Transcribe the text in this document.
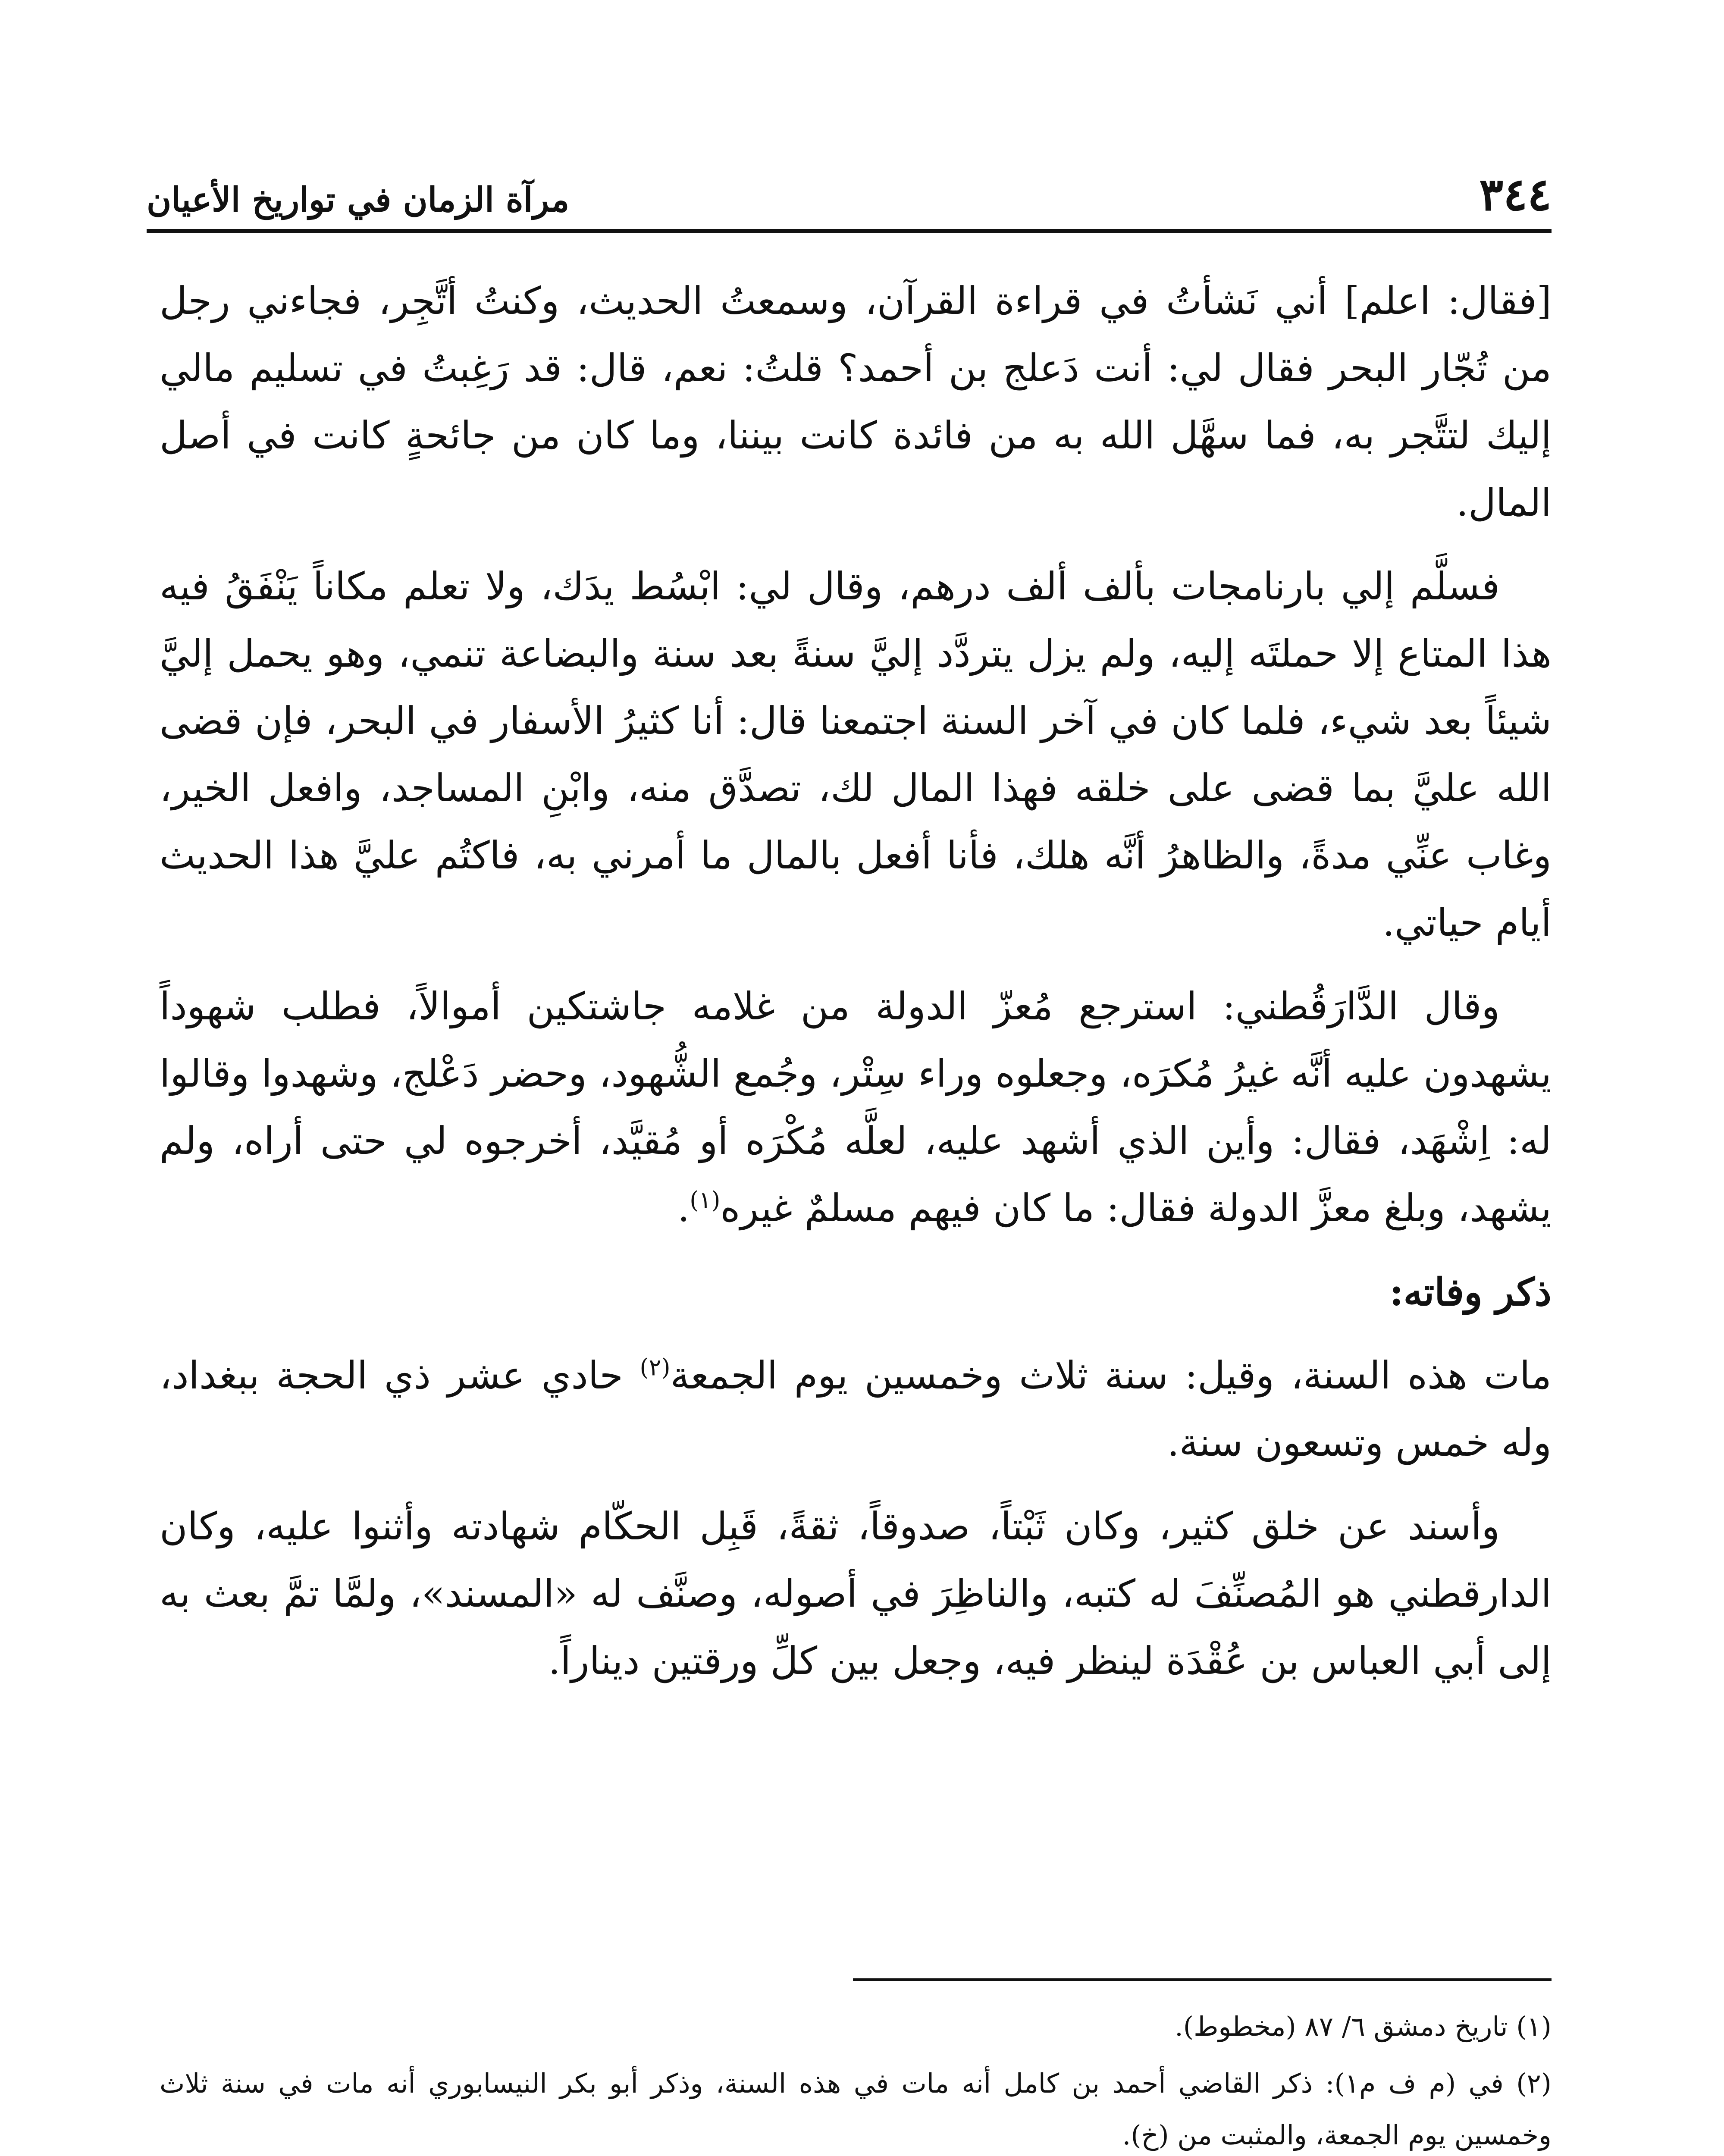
٣٤٤
مرآة الزمان في تواريخ الأعيان

[فقال: اعلم] أني نَشأتُ في قراءة القرآن، وسمعتُ الحديث، وكنتُ أتَّجِر، فجاءني رجل من تُجّار البحر فقال لي: أنت دَعلج بن أحمد؟ قلتُ: نعم، قال: قد رَغِبتُ في تسليم مالي إليك لتتَّجر به، فما سهَّل الله به من فائدة كانت بيننا، وما كان من جائحةٍ كانت في أصل المال.

فسلَّم إلي بارنامجات بألف ألف درهم، وقال لي: ابْسُط يدَك، ولا تعلم مكاناً يَنْفَقُ فيه هذا المتاع إلا حملتَه إليه، ولم يزل يتردَّد إليَّ سنةً بعد سنة والبضاعة تنمي، وهو يحمل إليَّ شيئاً بعد شيء، فلما كان في آخر السنة اجتمعنا قال: أنا كثيرُ الأسفار في البحر، فإن قضى الله عليَّ بما قضى على خلقه فهذا المال لك، تصدَّق منه، وابْنِ المساجد، وافعل الخير، وغاب عنِّي مدةً، والظاهرُ أنَّه هلك، فأنا أفعل بالمال ما أمرني به، فاكتُم عليَّ هذا الحديث أيام حياتي.

وقال الدَّارَقُطني: استرجع مُعزّ الدولة من غلامه جاشتكين أموالاً، فطلب شهوداً يشهدون عليه أنَّه غيرُ مُكرَه، وجعلوه وراء سِتْر، وجُمع الشُّهود، وحضر دَعْلج، وشهدوا وقالوا له: اِشْهَد، فقال: وأين الذي أشهد عليه، لعلَّه مُكْرَه أو مُقيَّد، أخرجوه لي حتى أراه، ولم يشهد، وبلغ معزَّ الدولة فقال: ما كان فيهم مسلمٌ غيره$^{(١)}$.

ذكر وفاته:

مات هذه السنة، وقيل: سنة ثلاث وخمسين يوم الجمعة$^{(٢)}$ حادي عشر ذي الحجة ببغداد، وله خمس وتسعون سنة.

وأسند عن خلق كثير، وكان ثَبْتاً، صدوقاً، ثقةً، قَبِل الحكّام شهادته وأثنوا عليه، وكان الدارقطني هو المُصنِّفَ له كتبه، والناظِرَ في أصوله، وصنَّف له «المسند»، ولمَّا تمَّ بعث به إلى أبي العباس بن عُقْدَة لينظر فيه، وجعل بين كلِّ ورقتين ديناراً.

(١) تاريخ دمشق ٦/ ٨٧ (مخطوط).

(٢) في (م ف م١): ذكر القاضي أحمد بن كامل أنه مات في هذه السنة، وذكر أبو بكر النيسابوري أنه مات في سنة ثلاث وخمسين يوم الجمعة، والمثبت من (خ).
